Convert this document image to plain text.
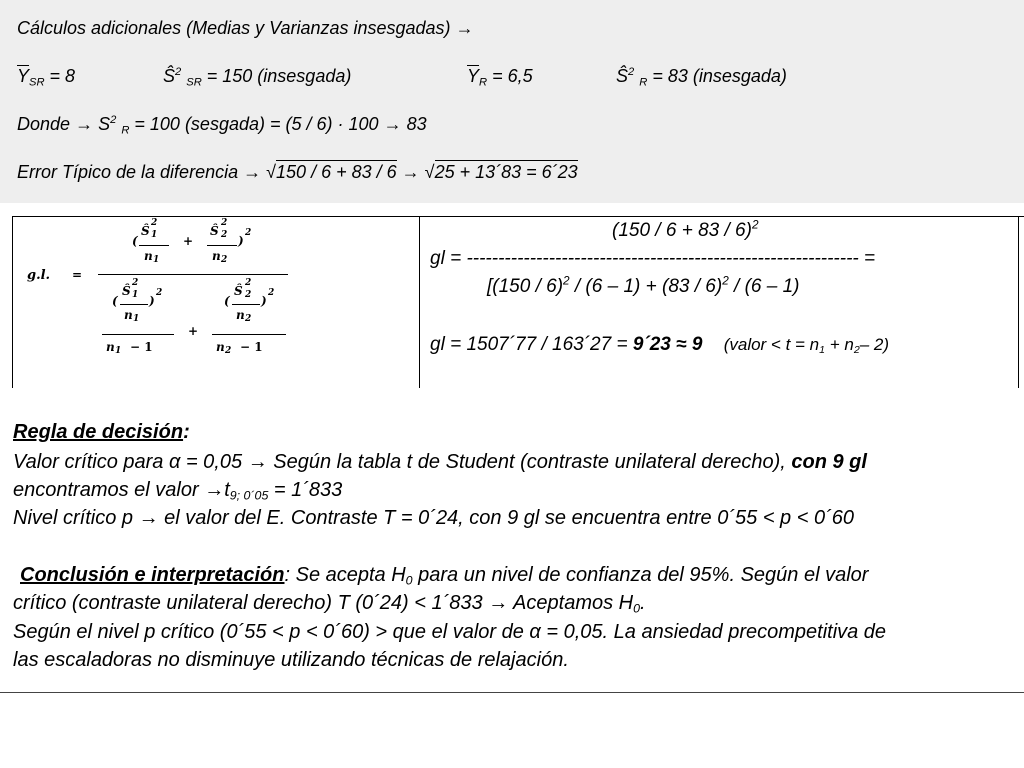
Cálculos adicionales (Medias y Varianzas insesgadas) →
$\overline{Y}_{SR} = 8$	$Ŝ^2$ $_{SR}$ = 150 (insesgada)	$\overline{Y}_R = 6,5$	$Ŝ^2$ $_R$ = 83 (insesgada)
Donde → $S^2$ $_R$ = 100 (sesgada) = (5 / 6) · 100 → 83
Error Típico de la diferencia → √150 / 6 + 83 / 6 → √25 + 13´83 = 6´23
g.l. =
(
Ŝ
2
1
n 1
+
Ŝ
2
2
n 2
)
2
(
Ŝ
2
1
n 1
)
2
n 1 − 1
+
(
Ŝ
2
2
n 2
)
2
n 2 − 1
$(150 / 6 + 83 / 6)^2$
gl = -------------------------------------------------------------- =
[(150 / 6)$^2$ / (6 – 1) + (83 / 6)$^2$ / (6 – 1)
gl = 1507´77 / 163´27 = 9´23 ≈ 9 (valor < $t = n_1 + n_2-$ 2)
Regla de decisión:
Valor crítico para α = 0,05 → Según la tabla t de Student (contraste unilateral derecho), con 9 gl
encontramos el valor $\to t_{9; 0´05}$ = 1´833
Nivel crítico p → el valor del E. Contraste T = 0´24, con 9 gl se encuentra entre 0´55 < p < 0´60
Conclusión e interpretación: Se acepta $H_0$ para un nivel de confianza del 95%. Según el valor
crítico (contraste unilateral derecho) T (0´24) < 1´833 → Aceptamos $H_0$.
Según el nivel p crítico (0´55 < p < 0´60) > que el valor de α = 0,05. La ansiedad precompetitiva de
las escaladoras no disminuye utilizando técnicas de relajación.
